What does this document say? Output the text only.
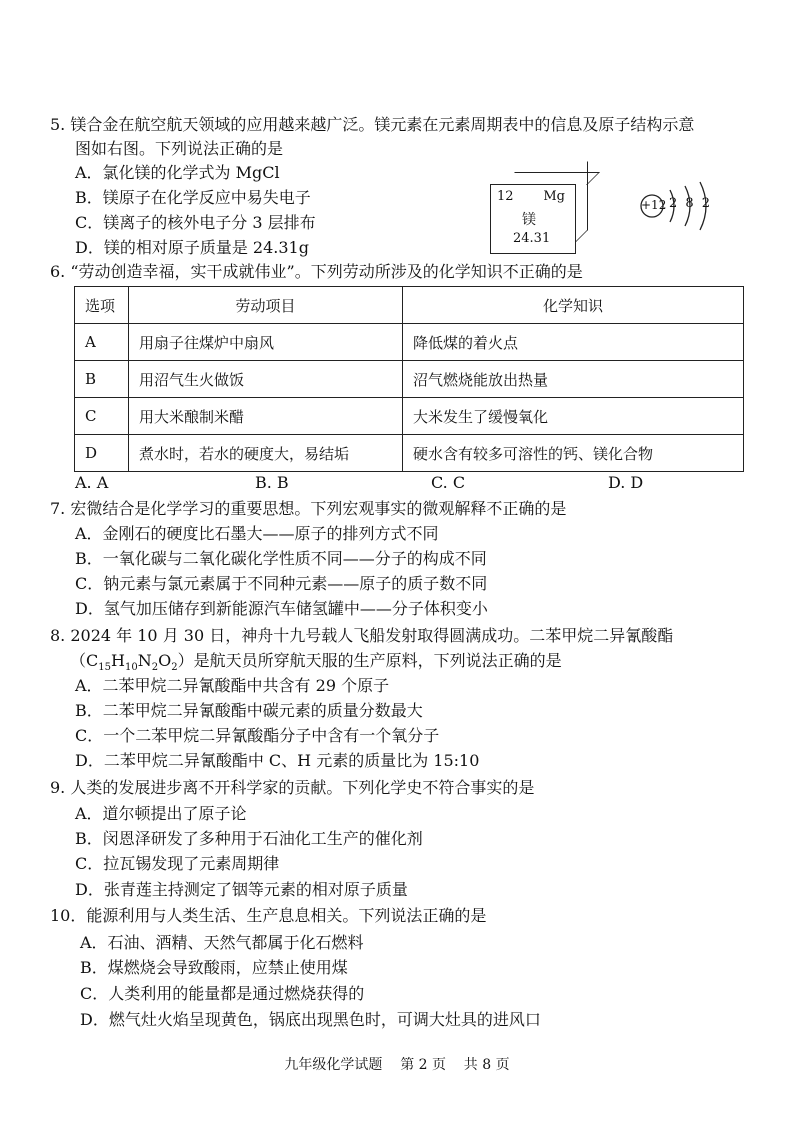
5. 镁合金在航空航天领域的应用越来越广泛。镁元素在元素周期表中的信息及原子结构示意
图如右图。下列说法正确的是
A．氯化镁的化学式为 MgCl
B．镁原子在化学反应中易失电子
C．镁离子的核外电子分 3 层排布
D．镁的相对原子质量是 24.31g
12 Mg
镁
24.31
+12 2 8 2
6. “劳动创造幸福，实干成就伟业”。下列劳动所涉及的化学知识不正确的是
选项	劳动项目	化学知识
A	用扇子往煤炉中扇风	降低煤的着火点
B	用沼气生火做饭	沼气燃烧能放出热量
C	用大米酿制米醋	大米发生了缓慢氧化
D	煮水时，若水的硬度大，易结垢	硬水含有较多可溶性的钙、镁化合物
A. A	B. B	C. C	D. D
7. 宏微结合是化学学习的重要思想。下列宏观事实的微观解释不正确的是
A．金刚石的硬度比石墨大——原子的排列方式不同
B．一氧化碳与二氧化碳化学性质不同——分子的构成不同
C．钠元素与氯元素属于不同种元素——原子的质子数不同
D．氢气加压储存到新能源汽车储氢罐中——分子体积变小
8. 2024 年 10 月 30 日，神舟十九号载人飞船发射取得圆满成功。二苯甲烷二异氰酸酯
$(C_{15}H_{10}N_2O_2)$是航天员所穿航天服的生产原料，下列说法正确的是
A．二苯甲烷二异氰酸酯中共含有 29 个原子
B．二苯甲烷二异氰酸酯中碳元素的质量分数最大
C．一个二苯甲烷二异氰酸酯分子中含有一个氧分子
D．二苯甲烷二异氰酸酯中 C、H 元素的质量比为 15:10
9. 人类的发展进步离不开科学家的贡献。下列化学史不符合事实的是
A．道尔顿提出了原子论
B．闵恩泽研发了多种用于石油化工生产的催化剂
C．拉瓦锡发现了元素周期律
D．张青莲主持测定了铟等元素的相对原子质量
10．能源利用与人类生活、生产息息相关。下列说法正确的是
A．石油、酒精、天然气都属于化石燃料
B．煤燃烧会导致酸雨，应禁止使用煤
C．人类利用的能量都是通过燃烧获得的
D．燃气灶火焰呈现黄色，锅底出现黑色时，可调大灶具的进风口
九年级化学试题    第 2 页    共 8 页
